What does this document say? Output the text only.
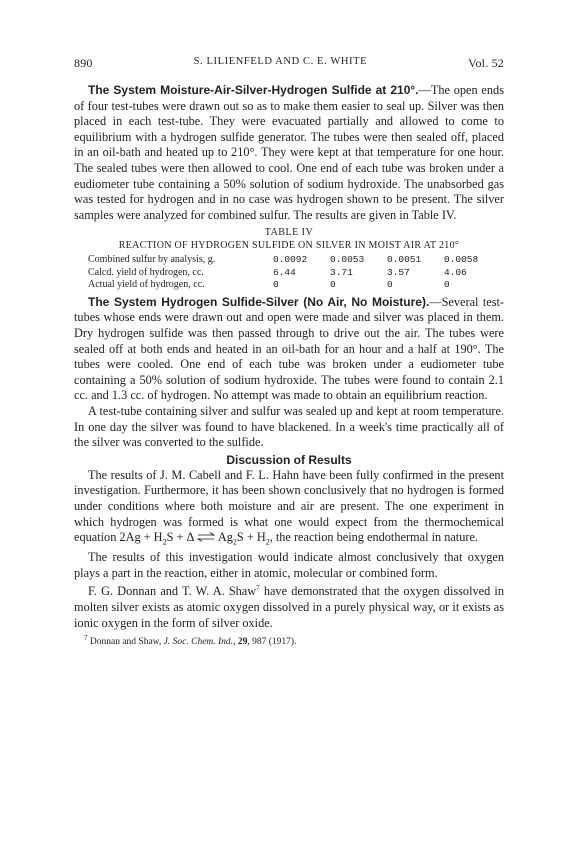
890	S. LILIENFELD AND C. E. WHITE	Vol. 52

The System Moisture-Air-Silver-Hydrogen Sulfide at 210°.—The open ends of four test-tubes were drawn out so as to make them easier to seal up. Silver was then placed in each test-tube. They were evacuated partially and allowed to come to equilibrium with a hydrogen sulfide generator. The tubes were then sealed off, placed in an oil-bath and heated up to 210°. They were kept at that temperature for one hour. The sealed tubes were then allowed to cool. One end of each tube was broken under a eudiometer tube containing a 50% solution of sodium hydroxide. The unabsorbed gas was tested for hydrogen and in no case was hydrogen shown to be present. The silver samples were analyzed for combined sulfur. The results are given in Table IV.

TABLE IV
REACTION OF HYDROGEN SULFIDE ON SILVER IN MOIST AIR AT 210°
Combined sulfur by analysis, g.	0.0092	0.0053	0.0051	0.0058
Calcd. yield of hydrogen, cc.	6.44	3.71	3.57	4.06
Actual yield of hydrogen, cc.	0	0	0	0

The System Hydrogen Sulfide-Silver (No Air, No Moisture).—Several test-tubes whose ends were drawn out and open were made and silver was placed in them. Dry hydrogen sulfide was then passed through to drive out the air. The tubes were sealed off at both ends and heated in an oil-bath for an hour and a half at 190°. The tubes were cooled. One end of each tube was broken under a eudiometer tube containing a 50% solution of sodium hydroxide. The tubes were found to contain 2.1 cc. and 1.3 cc. of hydrogen. No attempt was made to obtain an equilibrium reaction.

A test-tube containing silver and sulfur was sealed up and kept at room temperature. In one day the silver was found to have blackened. In a week's time practically all of the silver was converted to the sulfide.

Discussion of Results

The results of J. M. Cabell and F. L. Hahn have been fully confirmed in the present investigation. Furthermore, it has been shown conclusively that no hydrogen is formed under conditions where both moisture and air are present. The one experiment in which hydrogen was formed is what one would expect from the thermochemical equation $2Ag + H_2S + \Delta$ ⇌ $Ag_2S + H_2$, the reaction being endothermal in nature.

The results of this investigation would indicate almost conclusively that oxygen plays a part in the reaction, either in atomic, molecular or combined form.

F. G. Donnan and T. W. A. Shaw$^7$ have demonstrated that the oxygen dissolved in molten silver exists as atomic oxygen dissolved in a purely physical way, or it exists as ionic oxygen in the form of silver oxide.

$^7$ Donnan and Shaw, J. Soc. Chem. Ind., 29, 987 (1917).
